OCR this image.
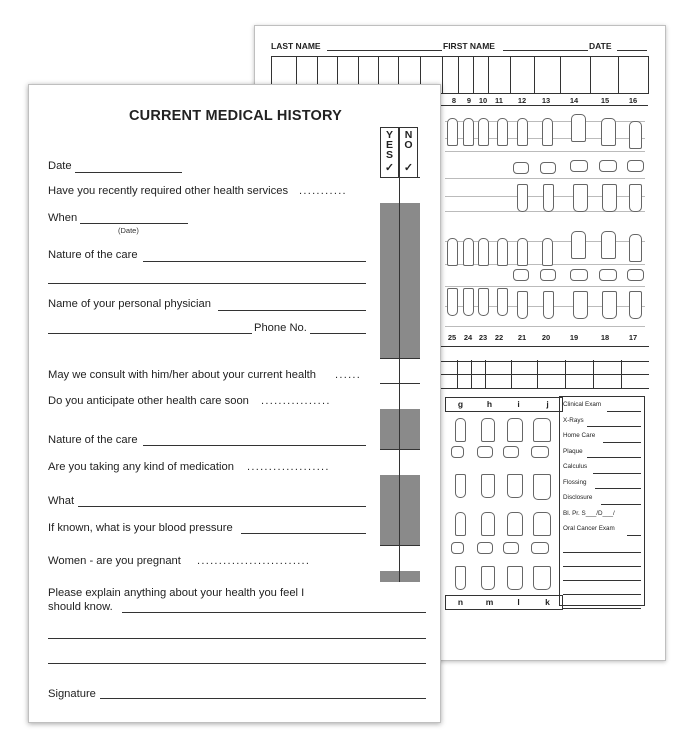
LAST NAME	FIRST NAME	DATE
8	9	10	11	12	13	14	15	16
25	24 23	22	21	20	19	18	17
g	h	i	j
n	m	l	k
Clinical Exam
X-Rays
Home Care
Plaque
Calculus
Flossing
Disclosure
Bl. Pr. S___/D___/
Oral Cancer Exam
CURRENT MEDICAL HISTORY
Y
E
S
N
O
✓ ✓
Date
Have you recently required other health services ...........
When
(Date)
Nature of the care
Name of your personal physician
Phone No.
May we consult with him/her about your current health ......
Do you anticipate other health care soon ................
Nature of the care
Are you taking any kind of medication ...................
What
If known, what is your blood pressure
Women - are you pregnant ..........................
Please explain anything about your health you feel I
should know.
Signature
